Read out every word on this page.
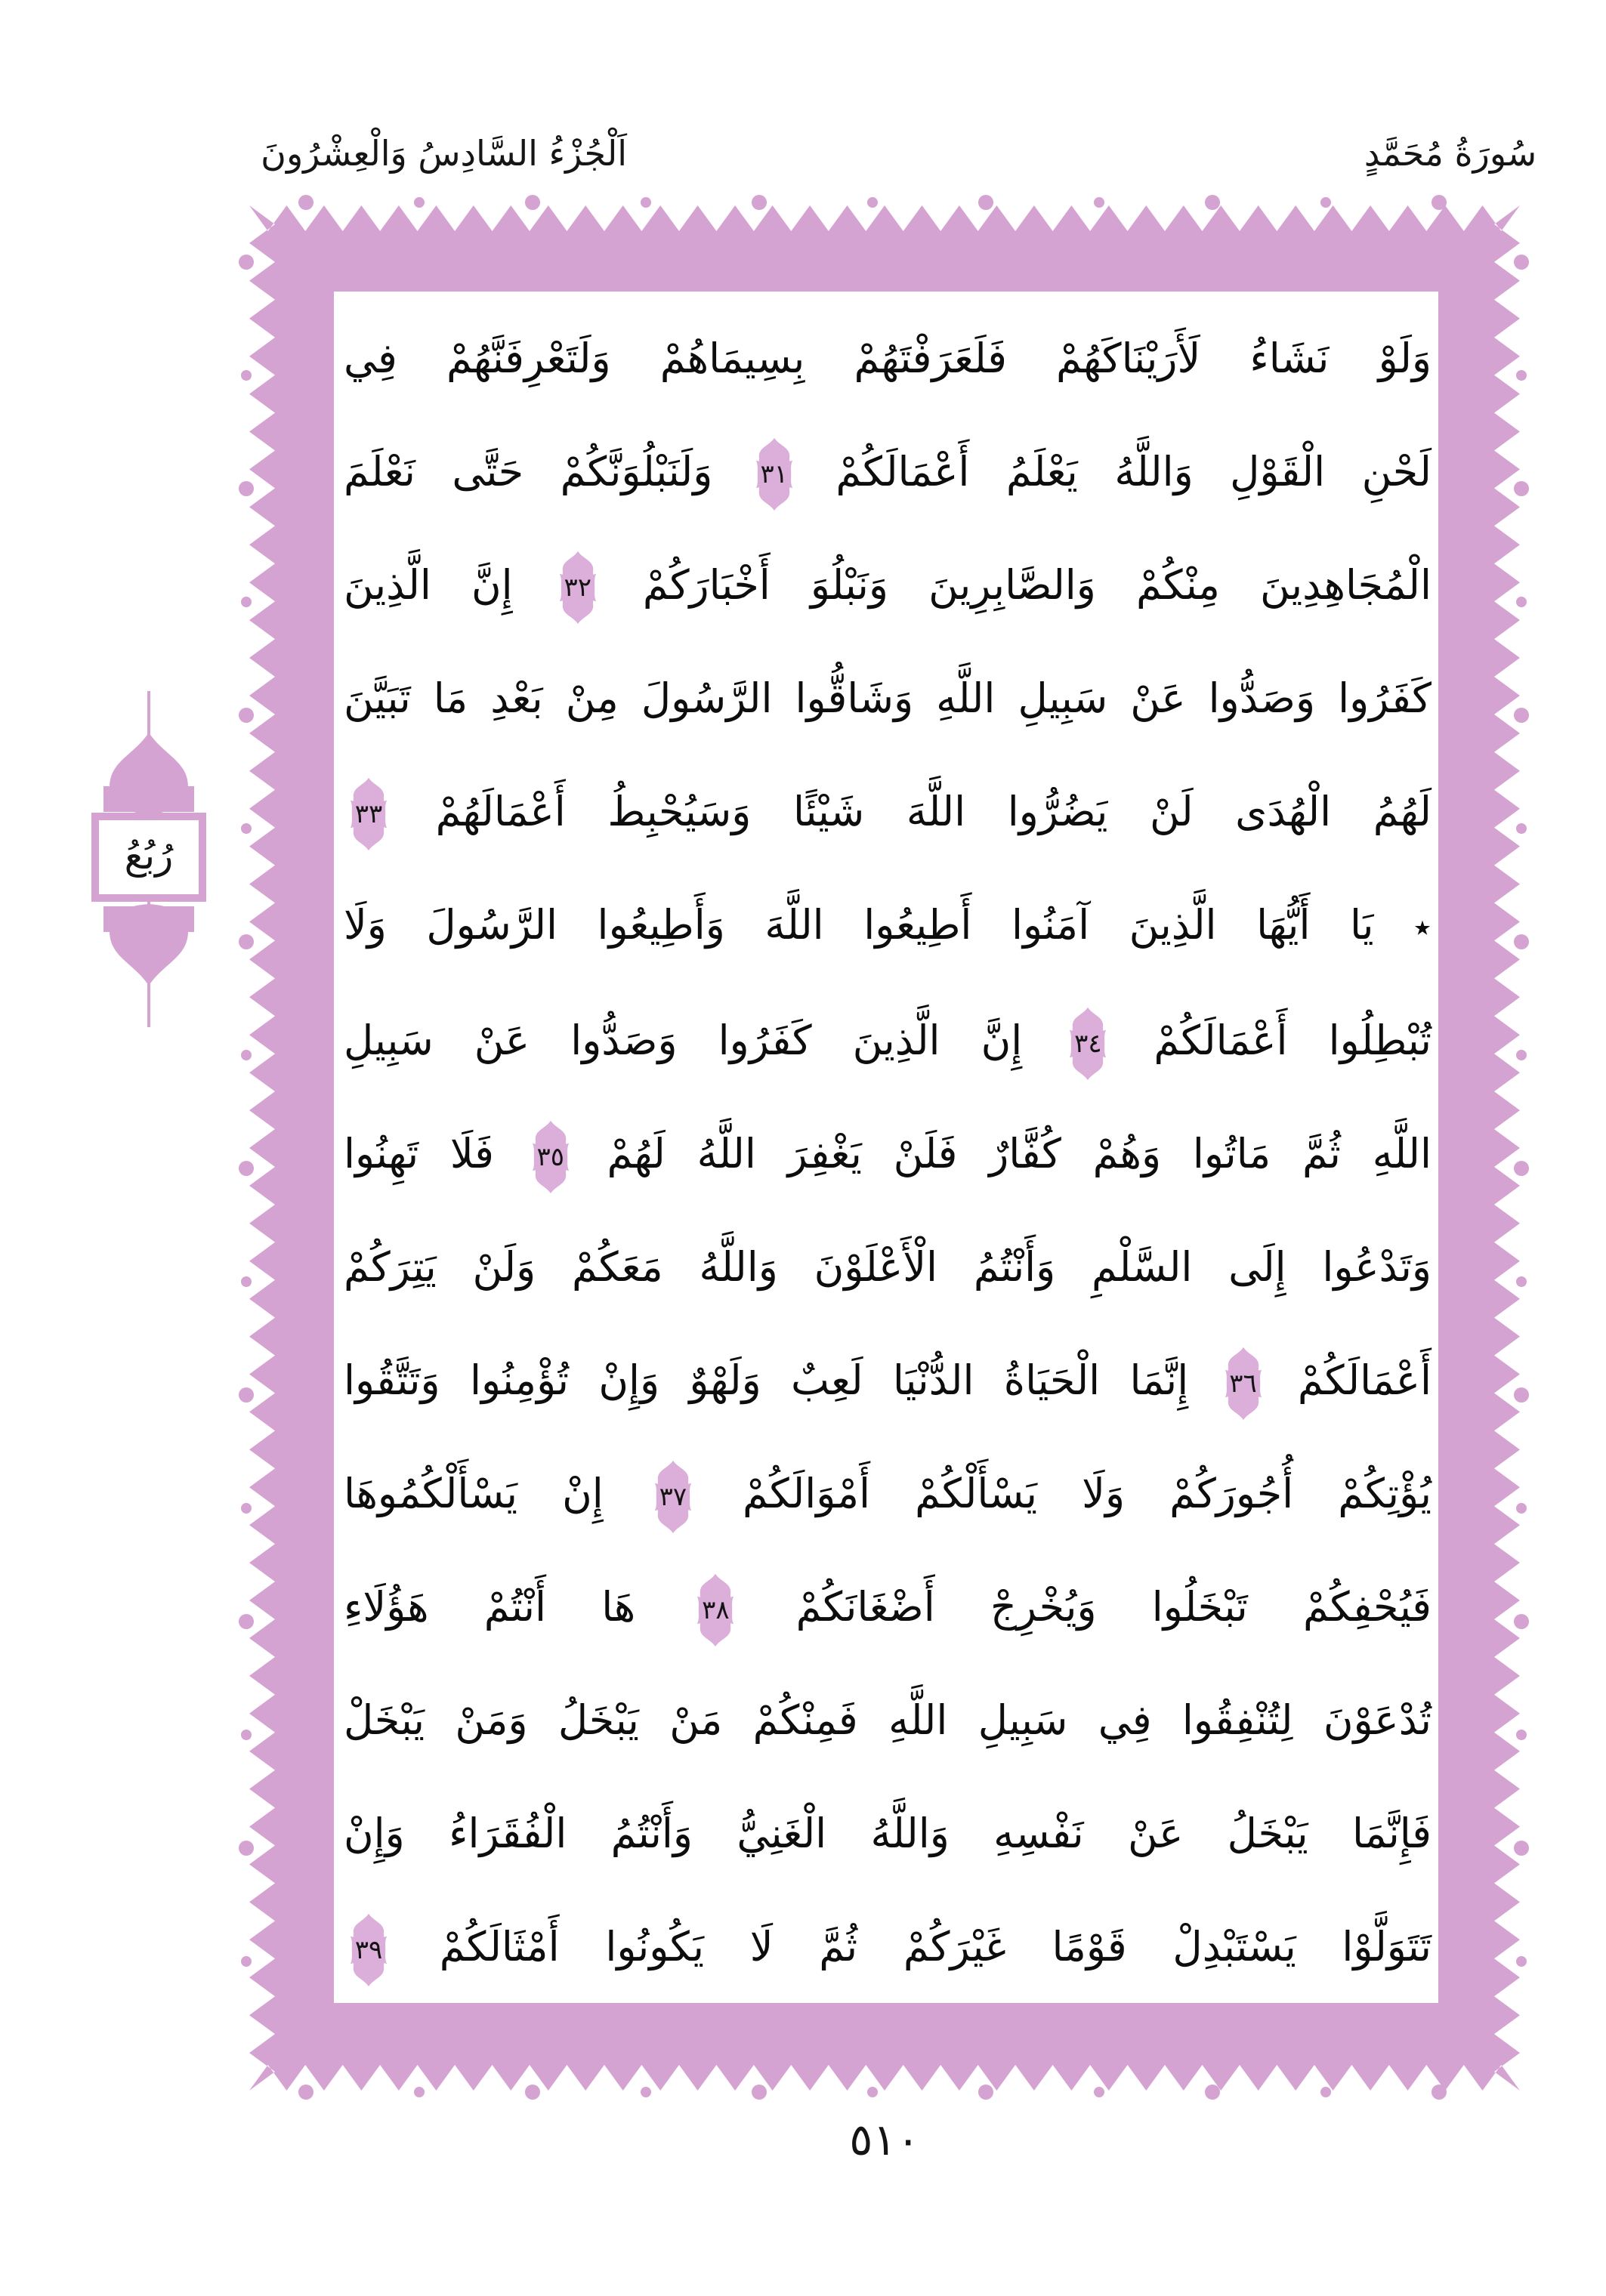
اَلْجُزْءُ السَّادِسُ وَالْعِشْرُونَ	سُورَةُ مُحَمَّدٍ
وَلَوْ نَشَاءُ لَأَرَيْنَاكَهُمْ فَلَعَرَفْتَهُمْ بِسِيمَاهُمْ وَلَتَعْرِفَنَّهُمْ فِي
لَحْنِ الْقَوْلِ وَاللَّهُ يَعْلَمُ أَعْمَالَكُمْ
٣١
وَلَنَبْلُوَنَّكُمْ حَتَّى نَعْلَمَ
الْمُجَاهِدِينَ مِنْكُمْ وَالصَّابِرِينَ وَنَبْلُوَ أَخْبَارَكُمْ
٣٢
إِنَّ الَّذِينَ
كَفَرُوا وَصَدُّوا عَنْ سَبِيلِ اللَّهِ وَشَاقُّوا الرَّسُولَ مِنْ بَعْدِ مَا تَبَيَّنَ
لَهُمُ الْهُدَى لَنْ يَضُرُّوا اللَّهَ شَيْئًا وَسَيُحْبِطُ أَعْمَالَهُمْ
٣٣
٭ يَا أَيُّهَا الَّذِينَ آمَنُوا أَطِيعُوا اللَّهَ وَأَطِيعُوا الرَّسُولَ وَلَا
تُبْطِلُوا أَعْمَالَكُمْ
٣٤
إِنَّ الَّذِينَ كَفَرُوا وَصَدُّوا عَنْ سَبِيلِ
اللَّهِ ثُمَّ مَاتُوا وَهُمْ كُفَّارٌ فَلَنْ يَغْفِرَ اللَّهُ لَهُمْ
٣٥
فَلَا تَهِنُوا
وَتَدْعُوا إِلَى السَّلْمِ وَأَنْتُمُ الْأَعْلَوْنَ وَاللَّهُ مَعَكُمْ وَلَنْ يَتِرَكُمْ
أَعْمَالَكُمْ
٣٦
إِنَّمَا الْحَيَاةُ الدُّنْيَا لَعِبٌ وَلَهْوٌ وَإِنْ تُؤْمِنُوا وَتَتَّقُوا
يُؤْتِكُمْ أُجُورَكُمْ وَلَا يَسْأَلْكُمْ أَمْوَالَكُمْ
٣٧
إِنْ يَسْأَلْكُمُوهَا
فَيُحْفِكُمْ تَبْخَلُوا وَيُخْرِجْ أَضْغَانَكُمْ
٣٨
هَا أَنْتُمْ هَؤُلَاءِ
تُدْعَوْنَ لِتُنْفِقُوا فِي سَبِيلِ اللَّهِ فَمِنْكُمْ مَنْ يَبْخَلُ وَمَنْ يَبْخَلْ
فَإِنَّمَا يَبْخَلُ عَنْ نَفْسِهِ وَاللَّهُ الْغَنِيُّ وَأَنْتُمُ الْفُقَرَاءُ وَإِنْ
تَتَوَلَّوْا يَسْتَبْدِلْ قَوْمًا غَيْرَكُمْ ثُمَّ لَا يَكُونُوا أَمْثَالَكُمْ
٣٩
رُبُعُ
٥١٠
